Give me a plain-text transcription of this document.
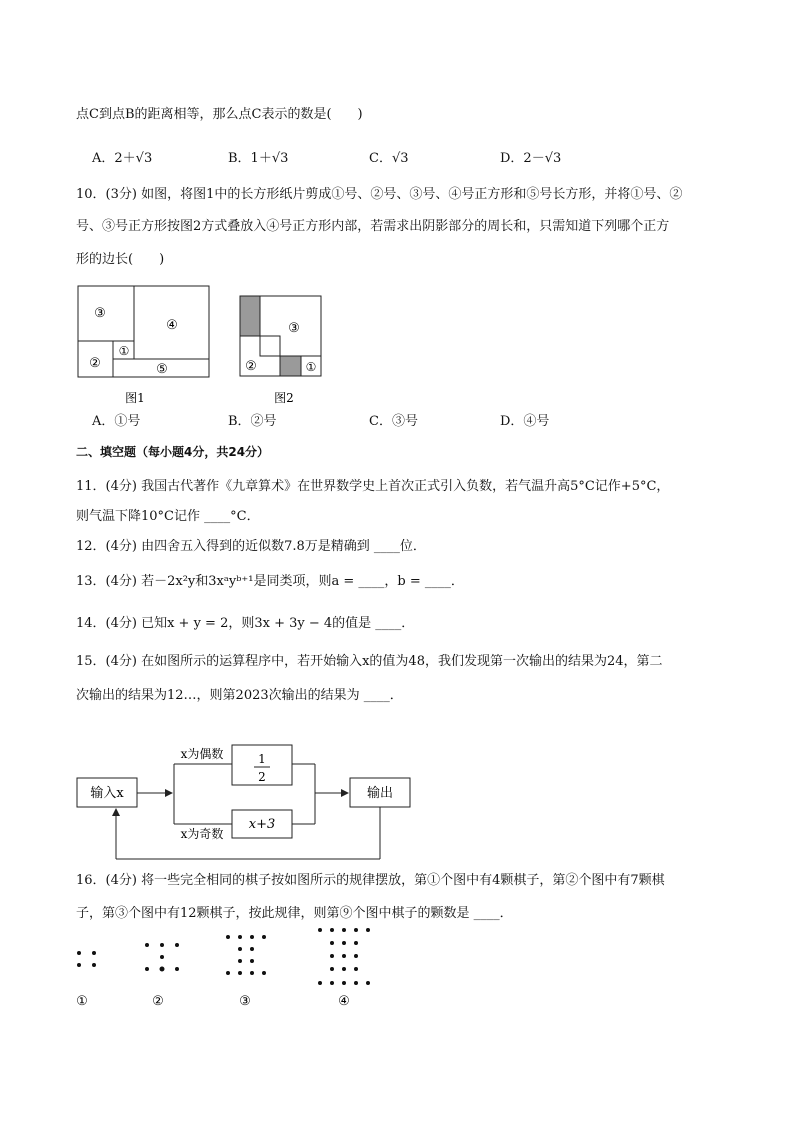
点C到点B的距离相等，那么点C表示的数是(　　)
A．2＋√3	B．1＋√3	C．√3	D．2－√3
10．(3分) 如图，将图1中的长方形纸片剪成①号、②号、③号、④号正方形和⑤号长方形，并将①号、②
号、③号正方形按图2方式叠放入④号正方形内部，若需求出阴影部分的周长和，只需知道下列哪个正方
形的边长(　　)
③
④
②
①
⑤
图1
③
②	①
图2
A．①号	B．②号	C．③号	D．④号
二、填空题（每小题4分，共24分）
11．(4分) 我国古代著作《九章算术》在世界数学史上首次正式引入负数，若气温升高5°C记作+5°C，
则气温下降10°C记作 ____°C．
12．(4分) 由四舍五入得到的近似数7.8万是精确到 ____位．
13．(4分) 若－2x²y和3xᵃyᵇ⁺¹是同类项，则a = ____，b = ____．
14．(4分) 已知x + y = 2，则3x + 3y − 4的值是 ____．
15．(4分) 在如图所示的运算程序中，若开始输入x的值为48，我们发现第一次输出的结果为24，第二
次输出的结果为12…，则第2023次输出的结果为 ____．
输入x
1
2
x为偶数
x+3
x为奇数
输出
16．(4分) 将一些完全相同的棋子按如图所示的规律摆放，第①个图中有4颗棋子，第②个图中有7颗棋
子，第③个图中有12颗棋子，按此规律，则第⑨个图中棋子的颗数是 ____．
①	②	③	④
